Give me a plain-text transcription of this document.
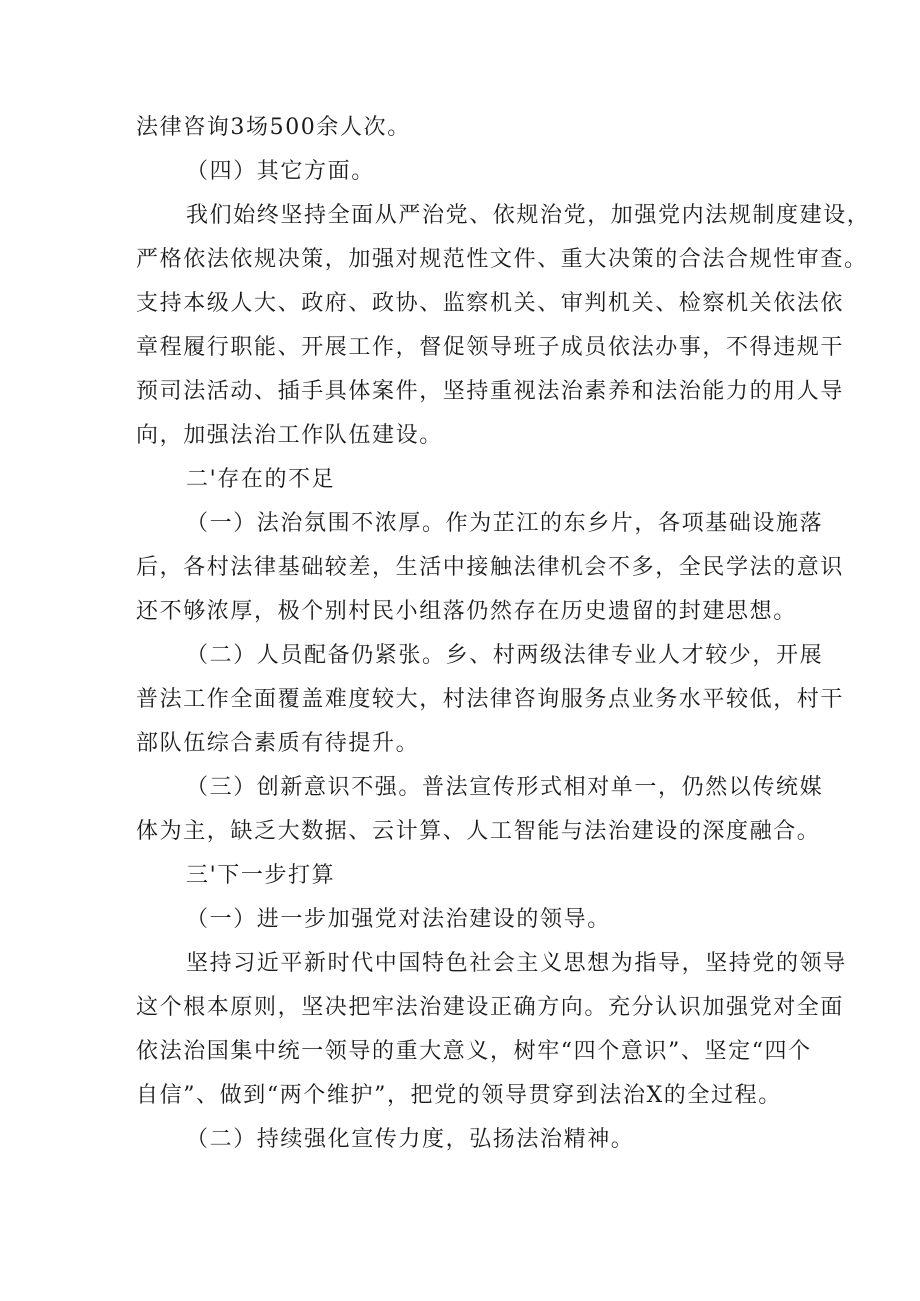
法律咨询3场500余人次。
（四）其它方面。
我们始终坚持全面从严治党、依规治党，加强党内法规制度建设，
严格依法依规决策，加强对规范性文件、重大决策的合法合规性审查。
支持本级人大、政府、政协、监察机关、审判机关、检察机关依法依
章程履行职能、开展工作，督促领导班子成员依法办事，不得违规干
预司法活动、插手具体案件，坚持重视法治素养和法治能力的用人导
向，加强法治工作队伍建设。
二'存在的不足
（一）法治氛围不浓厚。作为芷江的东乡片，各项基础设施落
后，各村法律基础较差，生活中接触法律机会不多，全民学法的意识
还不够浓厚，极个别村民小组落仍然存在历史遗留的封建思想。
（二）人员配备仍紧张。乡、村两级法律专业人才较少，开展
普法工作全面覆盖难度较大，村法律咨询服务点业务水平较低，村干
部队伍综合素质有待提升。
（三）创新意识不强。普法宣传形式相对单一，仍然以传统媒
体为主，缺乏大数据、云计算、人工智能与法治建设的深度融合。
三'下一步打算
（一）进一步加强党对法治建设的领导。
坚持习近平新时代中国特色社会主义思想为指导，坚持党的领导
这个根本原则，坚决把牢法治建设正确方向。充分认识加强党对全面
依法治国集中统一领导的重大意义，树牢“四个意识”、坚定“四个
自信”、做到“两个维护”，把党的领导贯穿到法治X的全过程。
（二）持续强化宣传力度，弘扬法治精神。
